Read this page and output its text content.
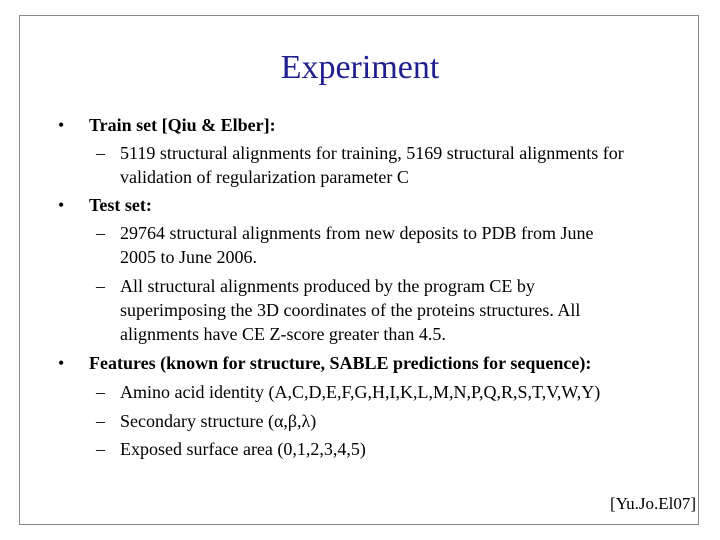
Experiment
• Train set [Qiu & Elber]:
– 5119 structural alignments for training, 5169 structural alignments for
validation of regularization parameter C
• Test set:
– 29764 structural alignments from new deposits to PDB from June
2005 to June 2006.
– All structural alignments produced by the program CE by
superimposing the 3D coordinates of the proteins structures. All
alignments have CE Z-score greater than 4.5.
• Features (known for structure, SABLE predictions for sequence):
– Amino acid identity (A,C,D,E,F,G,H,I,K,L,M,N,P,Q,R,S,T,V,W,Y)
– Secondary structure (α,β,λ)
– Exposed surface area (0,1,2,3,4,5)
[Yu.Jo.El07]
